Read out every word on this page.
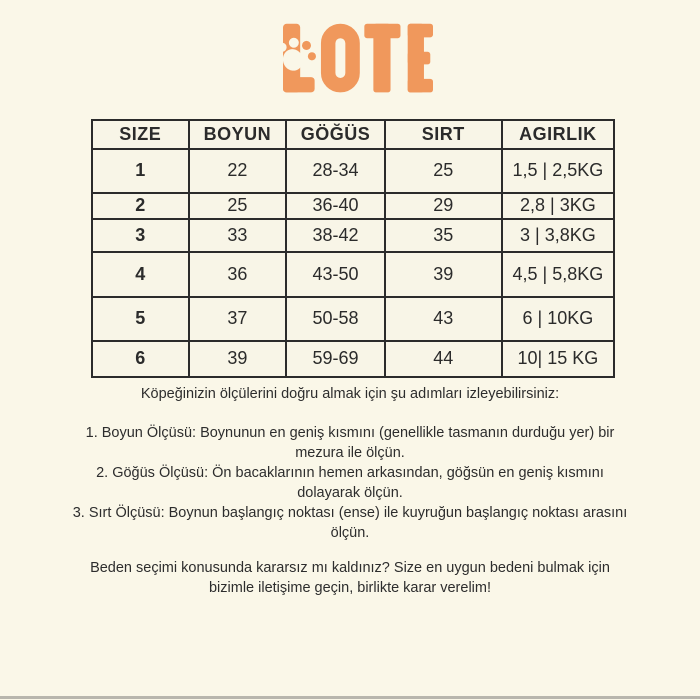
SIZE	BOYUN	GÖĞÜS	SIRT	AGIRLIK
1	22	28-34	25	1,5 | 2,5KG
2	25	36-40	29	2,8 | 3KG
3	33	38-42	35	3 | 3,8KG
4	36	43-50	39	4,5 | 5,8KG
5	37	50-58	43	6 | 10KG
6	39	59-69	44	10| 15 KG
Köpeğinizin ölçülerini doğru almak için şu adımları izleyebilirsiniz:

1. Boyun Ölçüsü: Boynunun en geniş kısmını (genellikle tasmanın durduğu yer) bir mezura ile ölçün.

2. Göğüs Ölçüsü: Ön bacaklarının hemen arkasından, göğsün en geniş kısmını dolayarak ölçün.

3. Sırt Ölçüsü: Boynun başlangıç noktası (ense) ile kuyruğun başlangıç noktası arasını ölçün.

Beden seçimi konusunda kararsız mı kaldınız? Size en uygun bedeni bulmak için bizimle iletişime geçin, birlikte karar verelim!
